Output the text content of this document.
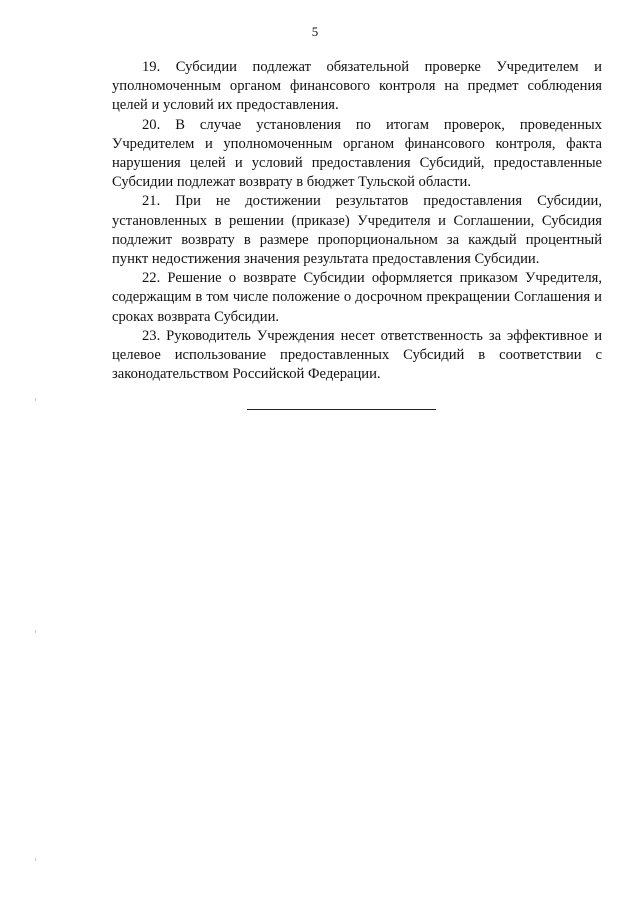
5

19. Субсидии подлежат обязательной проверке Учредителем и уполномоченным органом финансового контроля на предмет соблюдения целей и условий их предоставления.

20. В случае установления по итогам проверок, проведенных Учредителем и уполномоченным органом финансового контроля, факта нарушения целей и условий предоставления Субсидий, предоставленные Субсидии подлежат возврату в бюджет Тульской области.

21. При не достижении результатов предоставления Субсидии, установленных в решении (приказе) Учредителя и Соглашении, Субсидия подлежит возврату в размере пропорциональном за каждый процентный пункт недостижения значения результата предоставления Субсидии.

22. Решение о возврате Субсидии оформляется приказом Учредителя, содержащим в том числе положение о досрочном прекращении Соглашения и сроках возврата Субсидии.

23. Руководитель Учреждения несет ответственность за эффективное и целевое использование предоставленных Субсидий в соответствии с законодательством Российской Федерации.
